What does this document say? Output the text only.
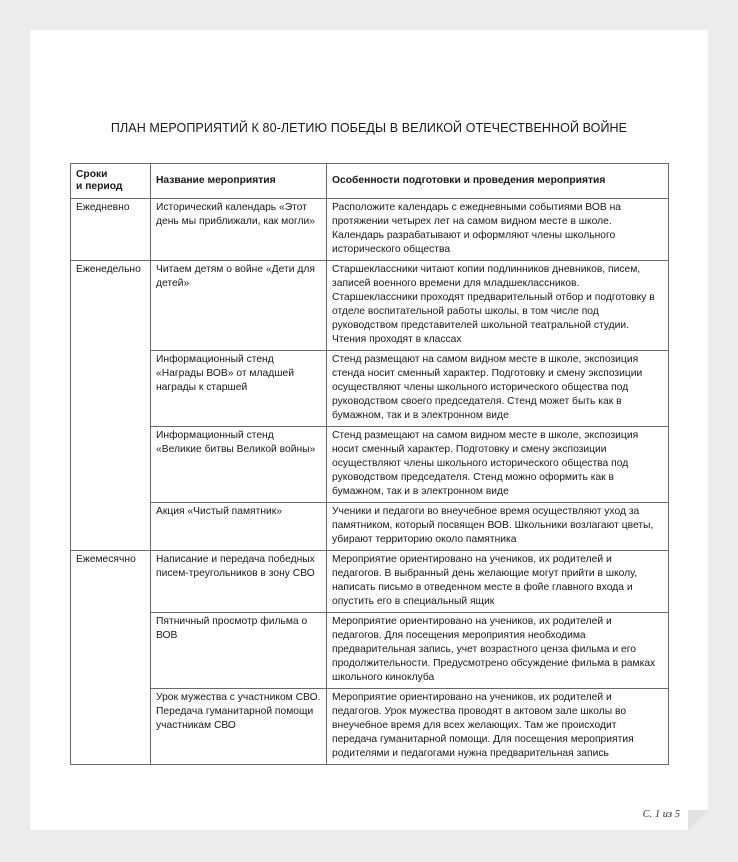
ПЛАН МЕРОПРИЯТИЙ К 80-ЛЕТИЮ ПОБЕДЫ В ВЕЛИКОЙ ОТЕЧЕСТВЕННОЙ ВОЙНЕ
Сроки
и период	Название мероприятия	Особенности подготовки и проведения мероприятия
Ежедневно	Исторический календарь «Этот день мы приближали, как могли»	Расположите календарь с ежедневными событиями ВОВ на протяжении четырех лет на самом видном месте в школе. Календарь разрабатывают и оформляют члены школьного исторического общества
Еженедельно	Читаем детям о войне «Дети для детей»	Старшеклассники читают копии подлинников дневников, писем, записей военного времени для младшеклассников. Старшеклассники проходят предварительный отбор и подготовку в отделе воспитательной работы школы, в том числе под руководством представителей школьной театральной студии. Чтения проходят в классах
	Информационный стенд «Награды ВОВ» от младшей награды к старшей	Стенд размещают на самом видном месте в школе, экспозиция стенда носит сменный характер. Подготовку и смену экспозиции осуществляют члены школьного исторического общества под руководством своего председателя. Стенд может быть как в бумажном, так и в электронном виде
	Информационный стенд «Великие битвы Великой войны»	Стенд размещают на самом видном месте в школе, экспозиция носит сменный характер. Подготовку и смену экспозиции осуществляют члены школьного исторического общества под руководством председателя. Стенд можно оформить как в бумажном, так и в электронном виде
	Акция «Чистый памятник»	Ученики и педагоги во внеучебное время осуществляют уход за памятником, который посвящен ВОВ. Школьники возлагают цветы, убирают территорию около памятника
Ежемесячно	Написание и передача победных писем-треугольников в зону СВО	Мероприятие ориентировано на учеников, их родителей и педагогов. В выбранный день желающие могут прийти в школу, написать письмо в отведенном месте в фойе главного входа и опустить его в специальный ящик
	Пятничный просмотр фильма о ВОВ	Мероприятие ориентировано на учеников, их родителей и педагогов. Для посещения мероприятия необходима предварительная запись, учет возрастного ценза фильма и его продолжительности. Предусмотрено обсуждение фильма в рамках школьного киноклуба
	Урок мужества с участником СВО. Передача гуманитарной помощи участникам СВО	Мероприятие ориентировано на учеников, их родителей и педагогов. Урок мужества проводят в актовом зале школы во внеучебное время для всех желающих. Там же происходит передача гуманитарной помощи. Для посещения мероприятия родителями и педагогами нужна предварительная запись
С. 1 из 5
